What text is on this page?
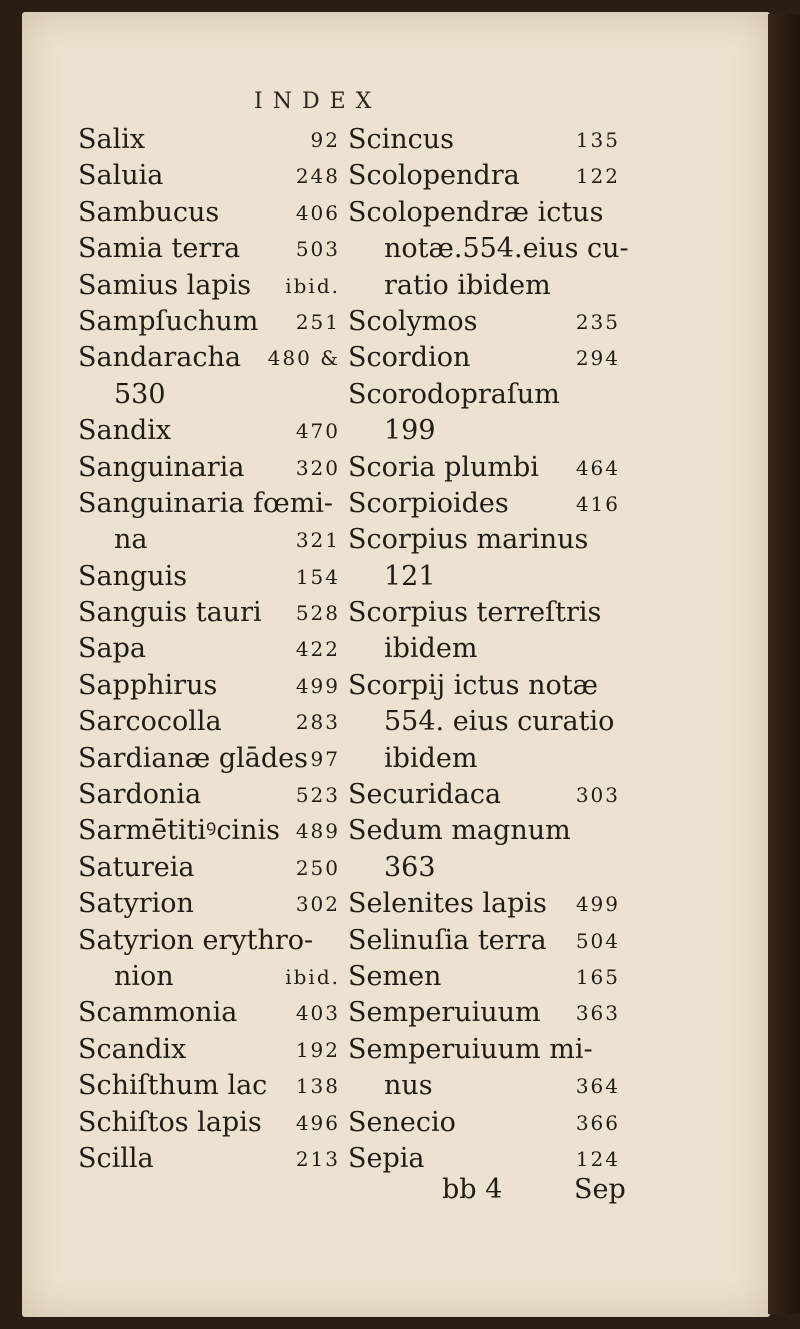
INDEX
Salix	92
Saluia	248
Sambucus	406
Samia terra	503
Samius lapis ibid.
Sampſuchum 251
Sandaracha 480 &
530
Sandix	470
Sanguinaria	320
Sanguinaria fœmi-
na	321
Sanguis	154
Sanguis tauri 528
Sapa	422
Sapphirus	499
Sarcocolla	283
Sardianæ glādes 97
Sardonia	523
Sarmētitiꝰcinis 489
Satureia	250
Satyrion	302
Satyrion erythro-
nion	ibid.
Scammonia	403
Scandix	192
Schiſthum lac 138
Schiſtos lapis 496
Scilla	213
Scincus	135
Scolopendra	122
Scolopendræ ictus
notæ.554.eius cu-
ratio ibidem
Scolymos	235
Scordion	294
Scorodopraſum
199
Scoria plumbi 464
Scorpioides	416
Scorpius marinus
121
Scorpius terreſtris
ibidem
Scorpij ictus notæ
554. eius curatio
ibidem
Securidaca	303
Sedum magnum
363
Selenites lapis 499
Selinuſia terra 504
Semen	165
Semperuiuum 363
Semperuiuum mi-
nus	364
Senecio	366
Sepia	124
bb 4	Sep
